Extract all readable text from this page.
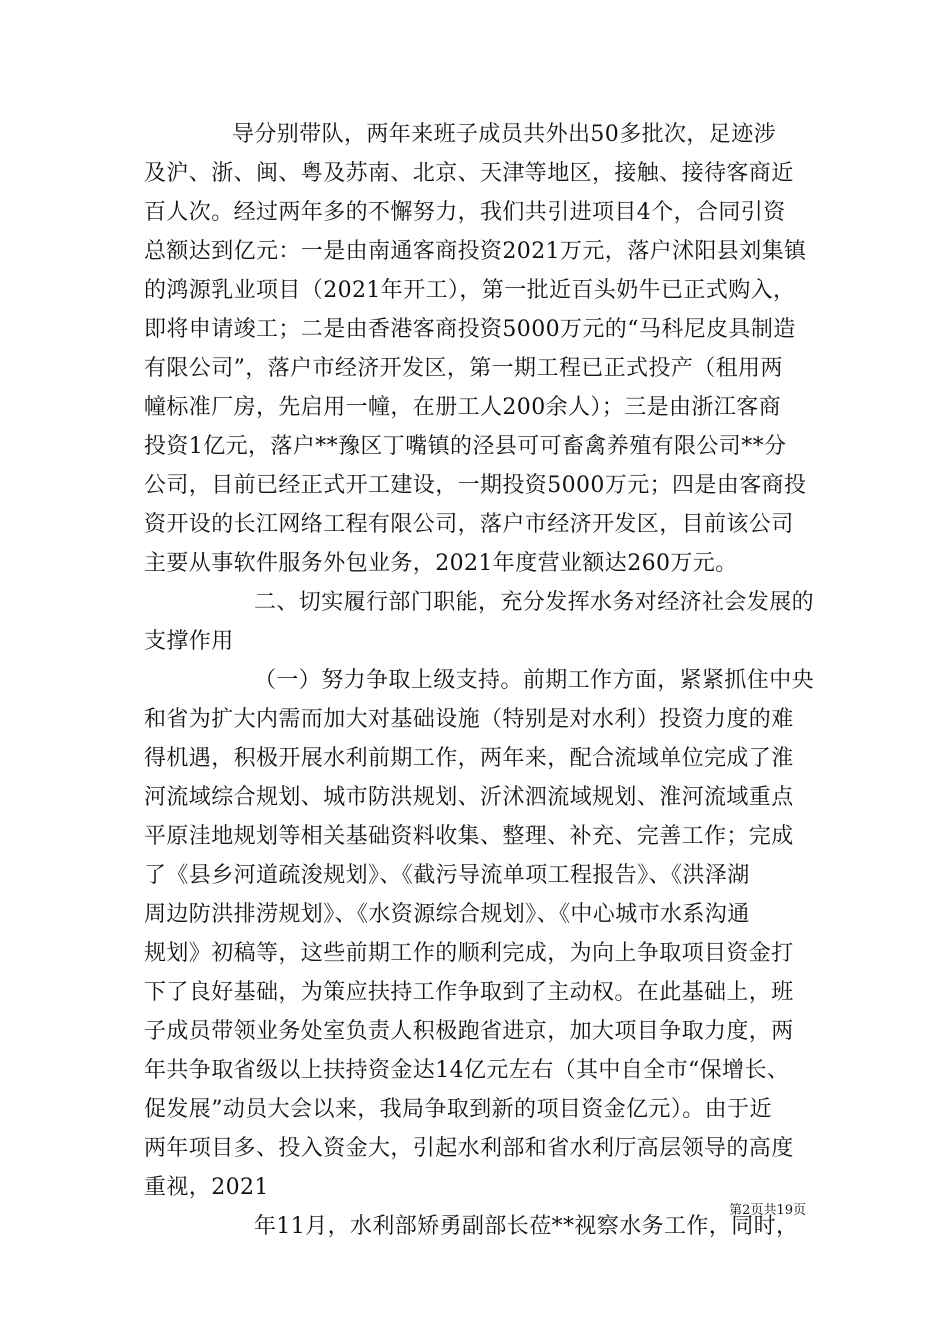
导分别带队，两年来班子成员共外出50多批次，足迹涉
及沪、浙、闽、粤及苏南、北京、天津等地区，接触、接待客商近
百人次。经过两年多的不懈努力，我们共引进项目4个，合同引资
总额达到亿元：一是由南通客商投资2021万元，落户沭阳县刘集镇
的鸿源乳业项目（2021年开工），第一批近百头奶牛已正式购入，
即将申请竣工；二是由香港客商投资5000万元的“马科尼皮具制造
有限公司”，落户市经济开发区，第一期工程已正式投产（租用两
幢标准厂房，先启用一幢，在册工人200余人）；三是由浙江客商
投资1亿元，落户**豫区丁嘴镇的泾县可可畜禽养殖有限公司**分
公司，目前已经正式开工建设，一期投资5000万元；四是由客商投
资开设的长江网络工程有限公司，落户市经济开发区，目前该公司
主要从事软件服务外包业务，2021年度营业额达260万元。
二、切实履行部门职能，充分发挥水务对经济社会发展的
支撑作用
（一）努力争取上级支持。前期工作方面，紧紧抓住中央
和省为扩大内需而加大对基础设施（特别是对水利）投资力度的难
得机遇，积极开展水利前期工作，两年来，配合流域单位完成了淮
河流域综合规划、城市防洪规划、沂沭泗流域规划、淮河流域重点
平原洼地规划等相关基础资料收集、整理、补充、完善工作；完成
了《县乡河道疏浚规划》、《截污导流单项工程报告》、《洪泽湖
周边防洪排涝规划》、《水资源综合规划》、《中心城市水系沟通
规划》初稿等，这些前期工作的顺利完成，为向上争取项目资金打
下了良好基础，为策应扶持工作争取到了主动权。在此基础上，班
子成员带领业务处室负责人积极跑省进京，加大项目争取力度，两
年共争取省级以上扶持资金达14亿元左右（其中自全市“保增长、
促发展”动员大会以来，我局争取到新的项目资金亿元）。由于近
两年项目多、投入资金大，引起水利部和省水利厅高层领导的高度
重视，2021
年11月，水利部矫勇副部长莅**视察水务工作，同时，
第2页共19页
